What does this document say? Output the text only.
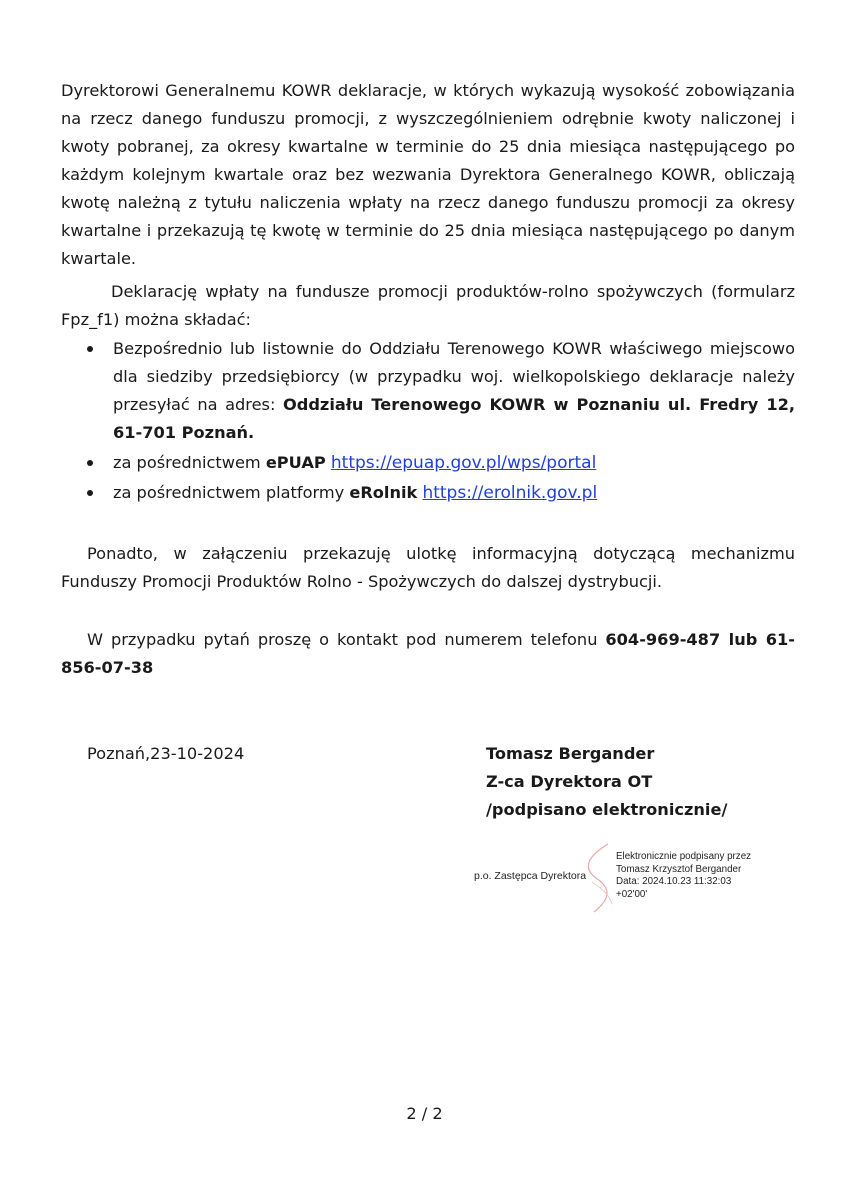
Dyrektorowi Generalnemu KOWR deklaracje, w których wykazują wysokość zobowiązania na rzecz danego funduszu promocji, z wyszczególnieniem odrębnie kwoty naliczonej i kwoty pobranej, za okresy kwartalne w terminie do 25 dnia miesiąca następującego po każdym kolejnym kwartale oraz bez wezwania Dyrektora Generalnego KOWR, obliczają kwotę należną z tytułu naliczenia wpłaty na rzecz danego funduszu promocji za okresy kwartalne i przekazują tę kwotę w terminie do 25 dnia miesiąca następującego po danym kwartale.

Deklarację wpłaty na fundusze promocji produktów-rolno spożywczych (formularz Fpz_f1) można składać:

Bezpośrednio lub listownie do Oddziału Terenowego KOWR właściwego miejscowo dla siedziby przedsiębiorcy (w przypadku woj. wielkopolskiego deklaracje należy przesyłać na adres: Oddziału Terenowego KOWR w Poznaniu ul. Fredry 12, 61-701 Poznań.
za pośrednictwem ePUAP https://epuap.gov.pl/wps/portal
za pośrednictwem platformy eRolnik https://erolnik.gov.pl

Ponadto, w załączeniu przekazuję ulotkę informacyjną dotyczącą mechanizmu Funduszy Promocji Produktów Rolno - Spożywczych do dalszej dystrybucji.

W przypadku pytań proszę o kontakt pod numerem telefonu 604-969-487 lub 61-856-07-38

Poznań,23-10-2024	Tomasz Bergander
Z-ca Dyrektora OT
/podpisano elektronicznie/
p.o. Zastępca Dyrektora
Elektronicznie podpisany przez
Tomasz Krzysztof Bergander
Data: 2024.10.23 11:32:03
+02'00'
2 / 2
